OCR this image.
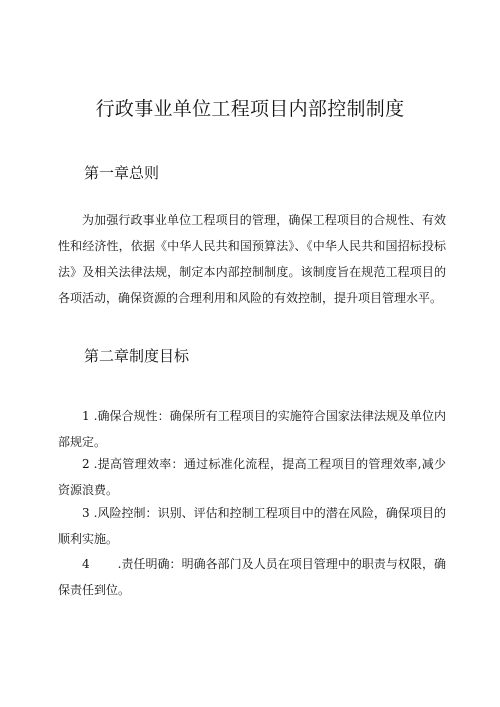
行政事业单位工程项目内部控制制度
第一章总则

为加强行政事业单位工程项目的管理，确保工程项目的合规性、有效性和经济性，依据《中华人民共和国预算法》、《中华人民共和国招标投标法》及相关法律法规，制定本内部控制制度。该制度旨在规范工程项目的各项活动，确保资源的合理利用和风险的有效控制，提升项目管理水平。

第二章制度目标

1 .确保合规性：确保所有工程项目的实施符合国家法律法规及单位内部规定。

2 .提高管理效率：通过标准化流程，提高工程项目的管理效率,减少资源浪费。

3 .风险控制：识别、评估和控制工程项目中的潜在风险，确保项目的顺利实施。

4 .责任明确：明确各部门及人员在项目管理中的职责与权限，确保责任到位。
